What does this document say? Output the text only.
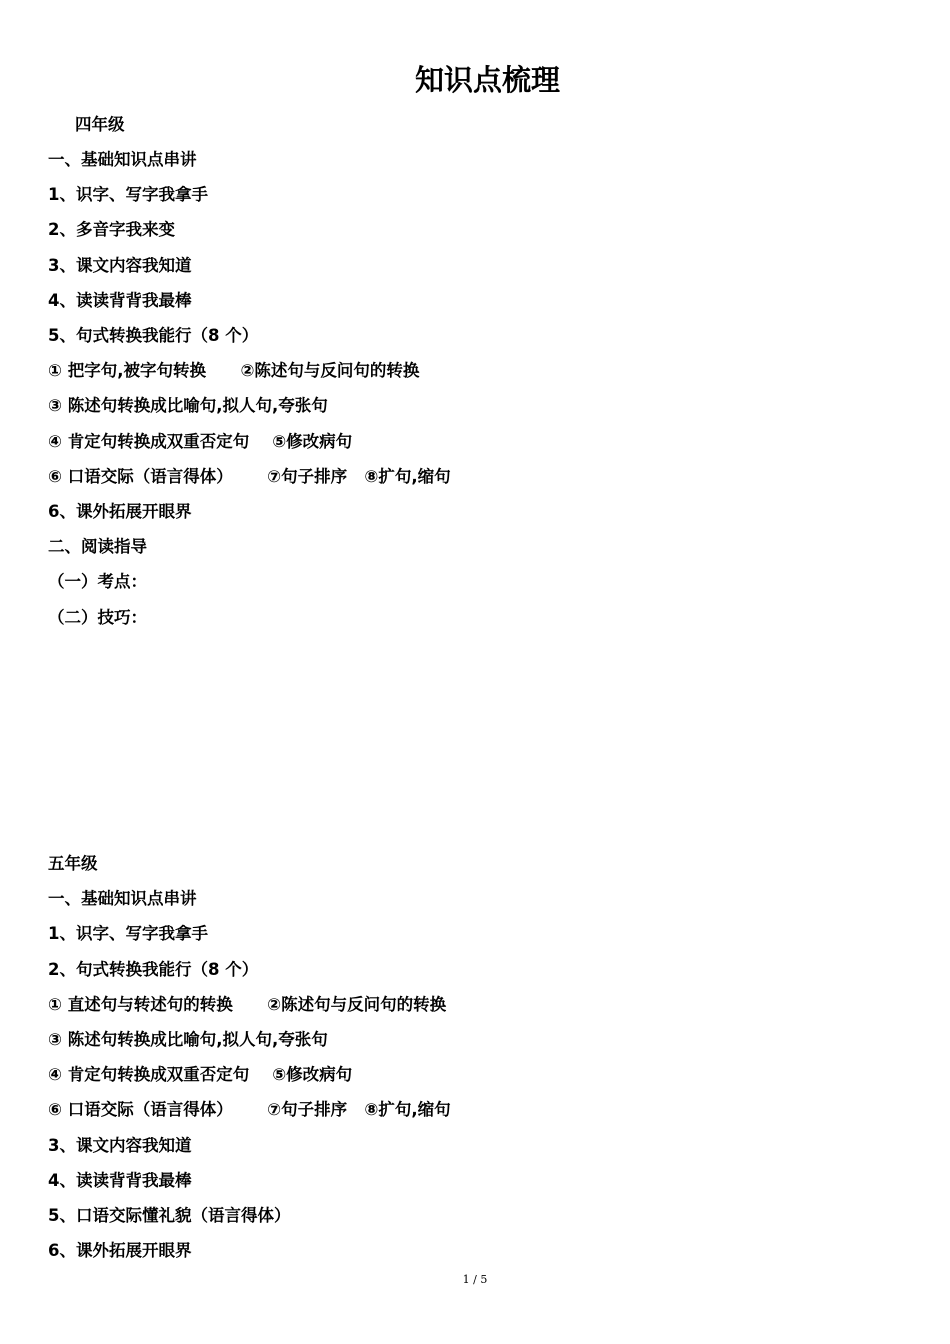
知识点梳理
四年级
一、基础知识点串讲
1、识字、写字我拿手
2、多音字我来变
3、课文内容我知道
4、读读背背我最棒
5、句式转换我能行（8 个）
① 把字句,被字句转换      ②陈述句与反问句的转换
③ 陈述句转换成比喻句,拟人句,夸张句
④ 肯定句转换成双重否定句    ⑤修改病句
⑥ 口语交际（语言得体）      ⑦句子排序   ⑧扩句,缩句
6、课外拓展开眼界
二、阅读指导
（一）考点：
（二）技巧：
五年级
一、基础知识点串讲
1、识字、写字我拿手
2、句式转换我能行（8 个）
① 直述句与转述句的转换      ②陈述句与反问句的转换
③ 陈述句转换成比喻句,拟人句,夸张句
④ 肯定句转换成双重否定句    ⑤修改病句
⑥ 口语交际（语言得体）      ⑦句子排序   ⑧扩句,缩句
3、课文内容我知道
4、读读背背我最棒
5、口语交际懂礼貌（语言得体）
6、课外拓展开眼界
1 / 5
